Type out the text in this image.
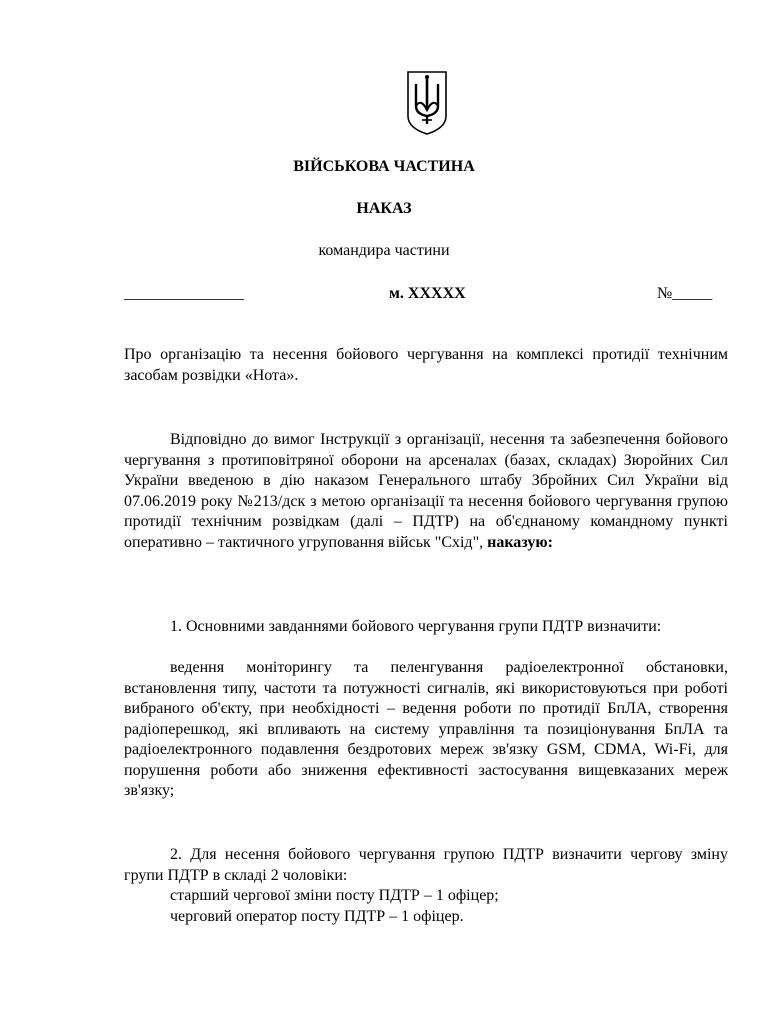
ВІЙСЬКОВА ЧАСТИНА
НАКАЗ
командира частини
_______________	м. XXXXX	№_____
Про організацію та несення бойового чергування на комплексі протидії технічним засобам розвідки «Нота».
Відповідно до вимог Інструкції з організації, несення та забезпечення бойового чергування з протиповітряної оборони на арсеналах (базах, складах) Зюройних Сил України введеною в дію наказом Генерального штабу Збройних Сил України від 07.06.2019 року №213/дск з метою організації та несення бойового чергування групою протидії технічним розвідкам (далі – ПДТР) на об'єднаному командному пункті оперативно – тактичного угруповання військ "Схід", наказую:
1. Основними завданнями бойового чергування групи ПДТР визначити:
ведення моніторингу та пеленгування радіоелектронної обстановки, встановлення типу, частоти та потужності сигналів, які використовуються при роботі вибраного об'єкту, при необхідності – ведення роботи по протидії БпЛА, створення радіоперешкод, які впливають на систему управління та позиціонування БпЛА та радіоелектронного подавлення бездротових мереж зв'язку GSM, CDMA, Wi-Fi, для порушення роботи або зниження ефективності застосування вищевказаних мереж зв'язку;
2. Для несення бойового чергування групою ПДТР визначити чергову зміну групи ПДТР в складі 2 чоловіки:
старший чергової зміни посту ПДТР – 1 офіцер;
черговий оператор посту ПДТР – 1 офіцер.
